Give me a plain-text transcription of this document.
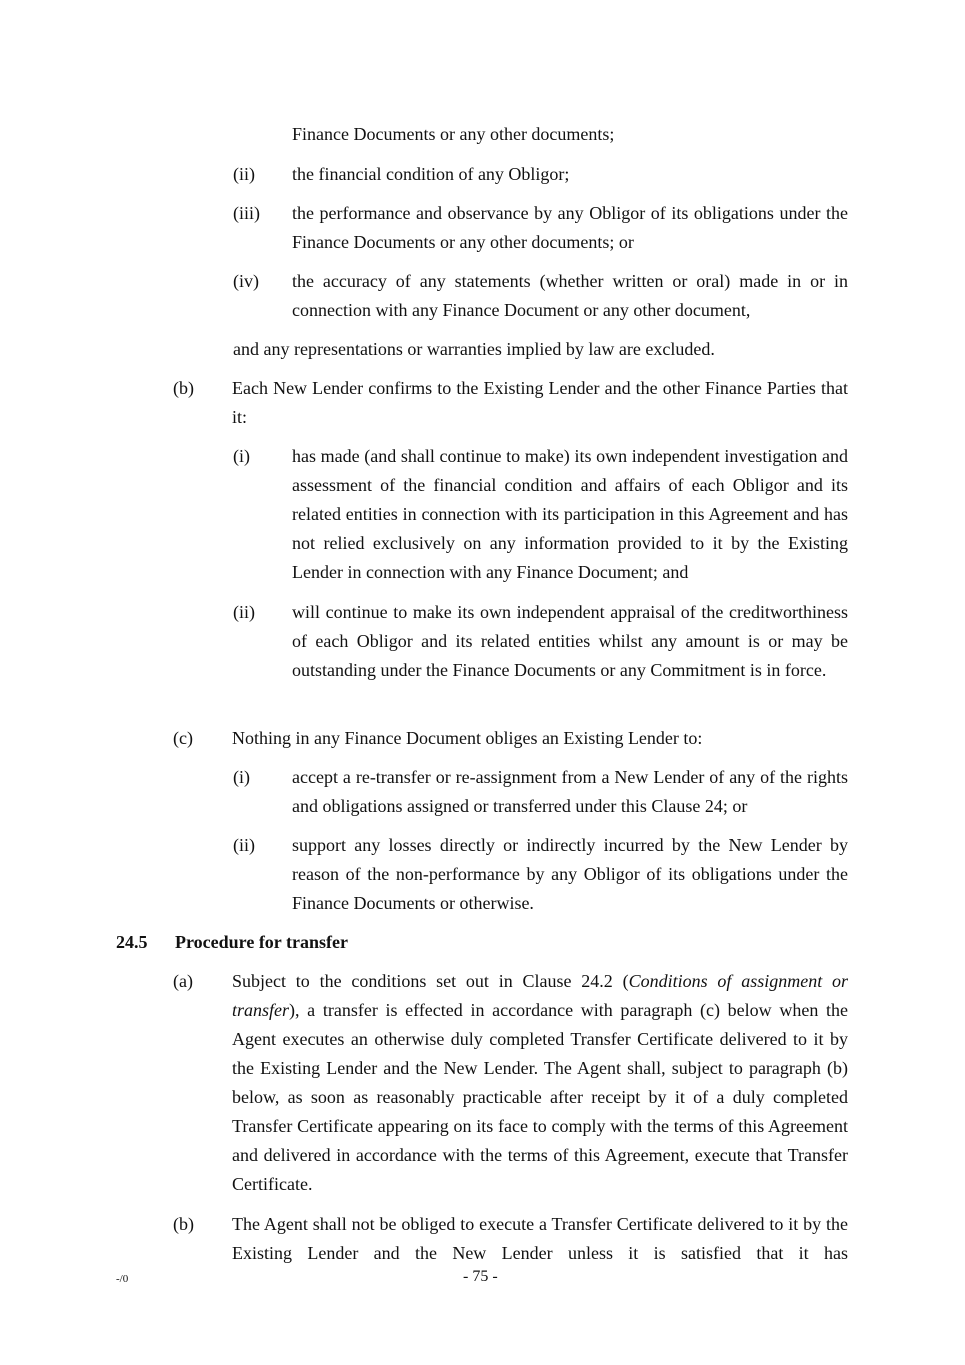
Finance Documents or any other documents;
(ii) the financial condition of any Obligor;
(iii) the performance and observance by any Obligor of its obligations under the Finance Documents or any other documents; or
(iv) the accuracy of any statements (whether written or oral) made in or in connection with any Finance Document or any other document,
and any representations or warranties implied by law are excluded.
(b) Each New Lender confirms to the Existing Lender and the other Finance Parties that it:
(i) has made (and shall continue to make) its own independent investigation and assessment of the financial condition and affairs of each Obligor and its related entities in connection with its participation in this Agreement and has not relied exclusively on any information provided to it by the Existing Lender in connection with any Finance Document; and
(ii) will continue to make its own independent appraisal of the creditworthiness of each Obligor and its related entities whilst any amount is or may be outstanding under the Finance Documents or any Commitment is in force.
(c) Nothing in any Finance Document obliges an Existing Lender to:
(i) accept a re-transfer or re-assignment from a New Lender of any of the rights and obligations assigned or transferred under this Clause 24; or
(ii) support any losses directly or indirectly incurred by the New Lender by reason of the non-performance by any Obligor of its obligations under the Finance Documents or otherwise.
24.5 Procedure for transfer
(a) Subject to the conditions set out in Clause 24.2 (Conditions of assignment or transfer), a transfer is effected in accordance with paragraph (c) below when the Agent executes an otherwise duly completed Transfer Certificate delivered to it by the Existing Lender and the New Lender. The Agent shall, subject to paragraph (b) below, as soon as reasonably practicable after receipt by it of a duly completed Transfer Certificate appearing on its face to comply with the terms of this Agreement and delivered in accordance with the terms of this Agreement, execute that Transfer Certificate.
(b) The Agent shall not be obliged to execute a Transfer Certificate delivered to it by the Existing Lender and the New Lender unless it is satisfied that it has
-/0	- 75 -
